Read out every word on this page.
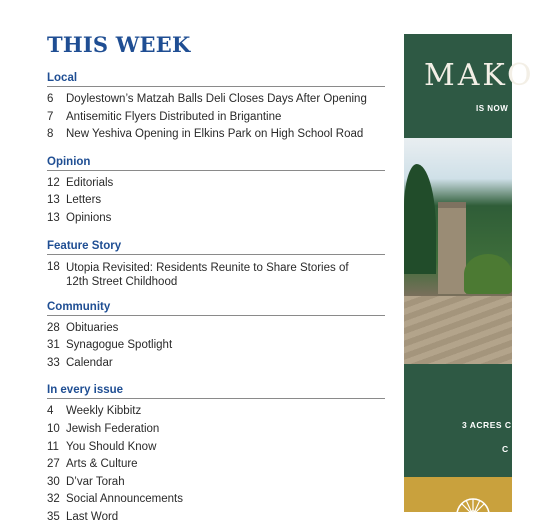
THIS WEEK
Local
6	Doylestown’s Matzah Balls Deli Closes Days After Opening
7	Antisemitic Flyers Distributed in Brigantine
8	New Yeshiva Opening in Elkins Park on High School Road
Opinion
12 Editorials
13 Letters
13 Opinions
Feature Story
18 Utopia Revisited: Residents Reunite to Share Stories of
12th Street Childhood
Community
28 Obituaries
31 Synagogue Spotlight
33 Calendar
In every issue
4	Weekly Kibbitz
10 Jewish Federation
11 You Should Know
27 Arts & Culture
30 D’var Torah
32 Social Announcements
35 Last Word
MAKO
IS NOW
3 ACRES C
C
